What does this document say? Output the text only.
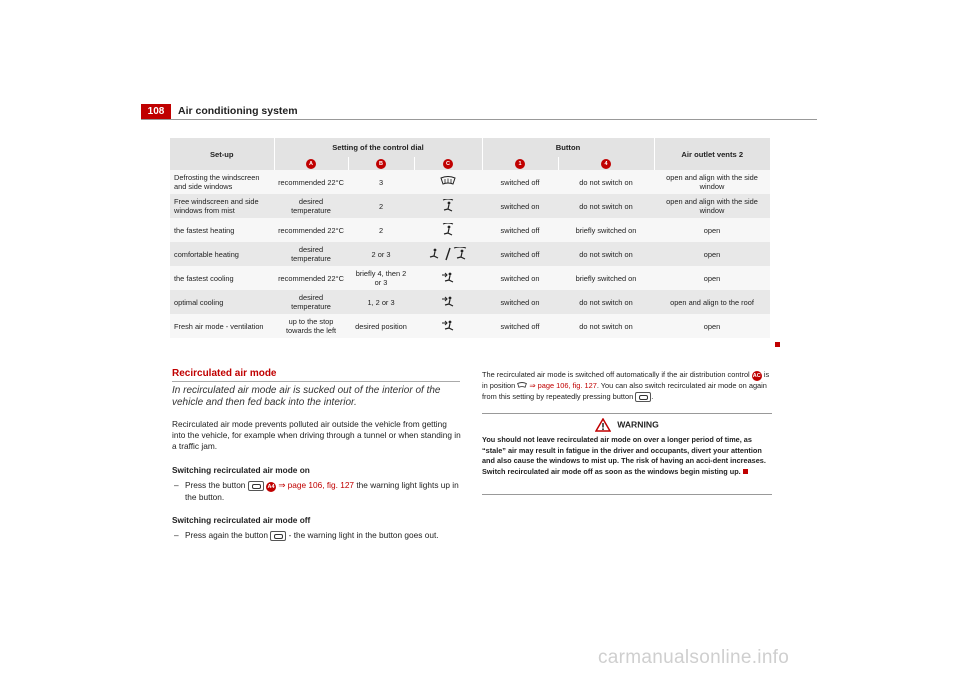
108	Air conditioning system
Set-up	Setting of the control dial			Button		Air outlet vents 2
	A	B	C	1	4	
Defrosting the windscreen and side windows	recommended 22°C	3		switched off	do not switch on	open and align with the side window
Free windscreen and side windows from mist	desired temperature	2		switched on	do not switch on	open and align with the side window
the fastest heating	recommended 22°C	2		switched off	briefly switched on	open
comfortable heating	desired temperature	2 or 3		switched off	do not switch on	open
the fastest cooling	recommended 22°C	briefly 4, then 2 or 3		switched on	briefly switched on	open
optimal cooling	desired temperature	1, 2 or 3		switched on	do not switch on	open and align to the roof
Fresh air mode - ventilation	up to the stop towards the left	desired position		switched off	do not switch on	open
Recirculated air mode
In recirculated air mode air is sucked out of the interior of the vehicle and then fed back into the interior.
Recirculated air mode prevents polluted air outside the vehicle from getting into the vehicle, for example when driving through a tunnel or when standing in a traffic jam.
Switching recirculated air mode on
– Press the button	A4 ⇒ page 106, fig. 127 the warning light lights up in the button.
Switching recirculated air mode off
– Press again the button  - the warning light in the button goes out.
The recirculated air mode is switched off automatically if the air distribution control AC is in position  ⇒ page 106, fig. 127. You can also switch recirculated air mode on again from this setting by repeatedly pressing button .
WARNING
You should not leave recirculated air mode on over a longer period of time, as “stale” air may result in fatigue in the driver and occupants, divert your attention and also cause the windows to mist up. The risk of having an acci-dent increases. Switch recirculated air mode off as soon as the windows begin misting up.
carmanualsonline.info
